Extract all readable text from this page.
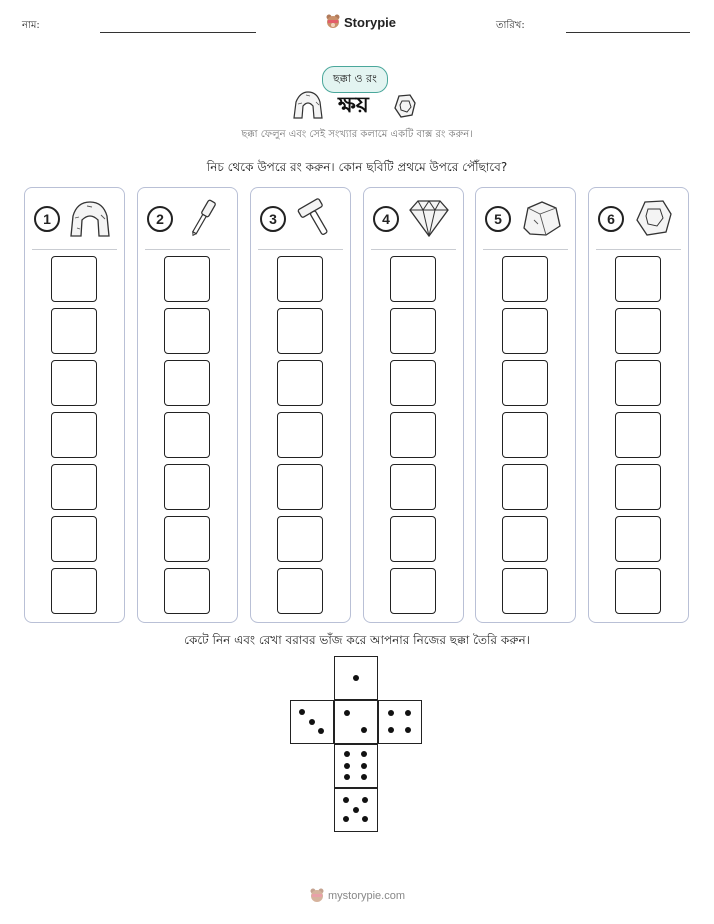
নাম:	Storypie	তারিখ:
ছক্কা ও রং
ক্ষয়
ছক্কা ফেলুন এবং সেই সংখ্যার কলামে একটি বাক্স রং করুন।
নিচ থেকে উপরে রং করুন। কোন ছবিটি প্রথমে উপরে পৌঁছাবে?
1	2	3	4	5	6
কেটে নিন এবং রেখা বরাবর ভাঁজ করে আপনার নিজের ছক্কা তৈরি করুন।
mystorypie.com
